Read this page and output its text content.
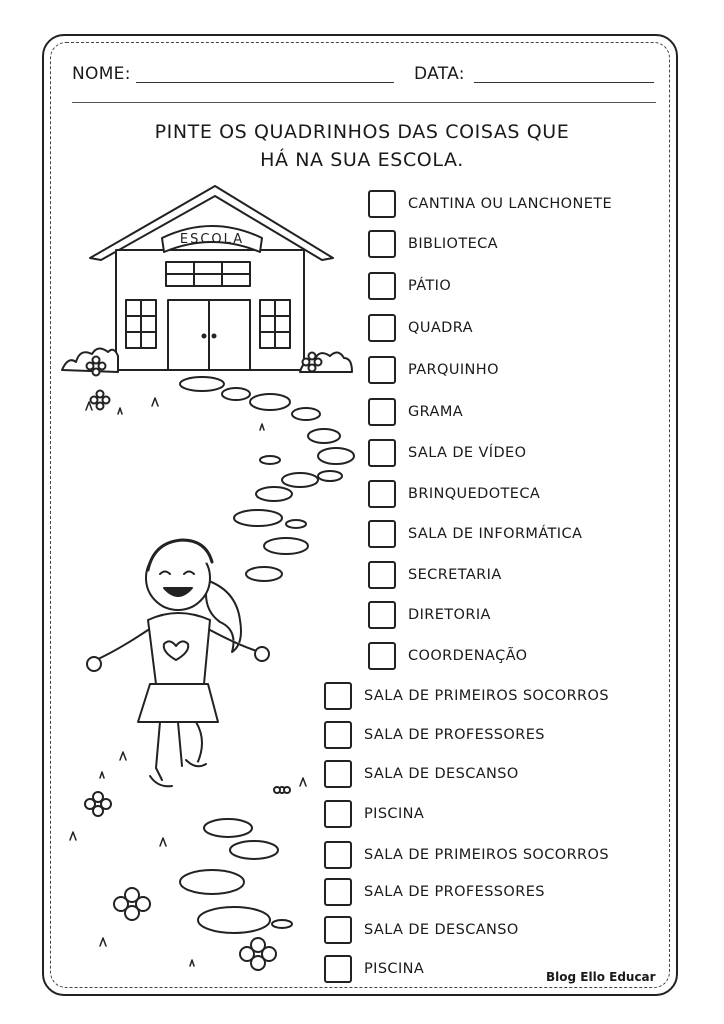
NOME:	DATA:
PINTE OS QUADRINHOS DAS COISAS QUE
HÁ NA SUA ESCOLA.
ESCOLA
CANTINA OU LANCHONETE
BIBLIOTECA
PÁTIO
QUADRA
PARQUINHO
GRAMA
SALA DE VÍDEO
BRINQUEDOTECA
SALA DE INFORMÁTICA
SECRETARIA
DIRETORIA
COORDENAÇÃO
SALA DE PRIMEIROS SOCORROS
SALA DE PROFESSORES
SALA DE DESCANSO
PISCINA
SALA DE PRIMEIROS SOCORROS
SALA DE PROFESSORES
SALA DE DESCANSO
PISCINA	Blog Ello Educar
